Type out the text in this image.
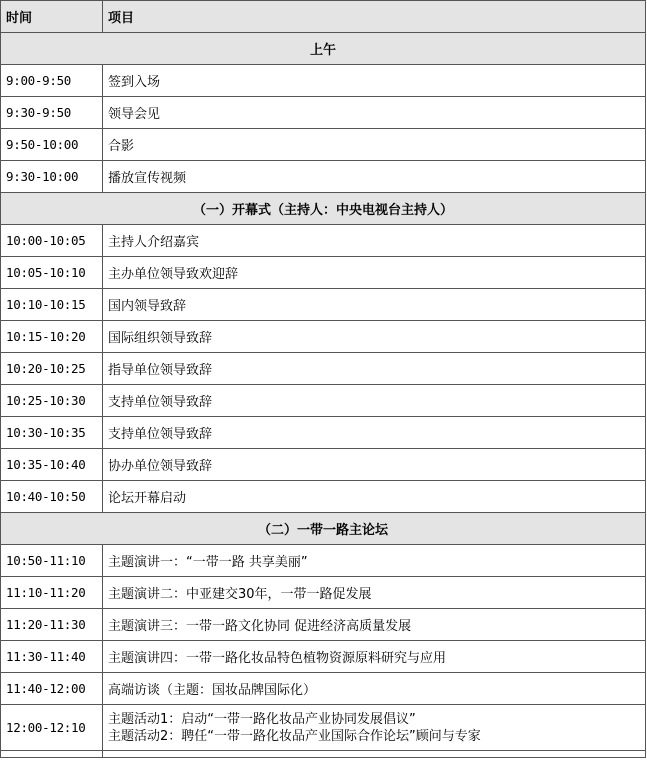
时间	项目
上午	
9:00-9:50	签到入场
9:30-9:50	领导会见
9:50-10:00	合影
9:30-10:00	播放宣传视频
（一）开幕式（主持人：中央电视台主持人）	
10:00-10:05	主持人介绍嘉宾
10:05-10:10	主办单位领导致欢迎辞
10:10-10:15	国内领导致辞
10:15-10:20	国际组织领导致辞
10:20-10:25	指导单位领导致辞
10:25-10:30	支持单位领导致辞
10:30-10:35	支持单位领导致辞
10:35-10:40	协办单位领导致辞
10:40-10:50	论坛开幕启动
（二）一带一路主论坛	
10:50-11:10	主题演讲一：“一带一路 共享美丽”
11:10-11:20	主题演讲二：中亚建交30年，一带一路促发展
11:20-11:30	主题演讲三：一带一路文化协同 促进经济高质量发展
11:30-11:40	主题演讲四：一带一路化妆品特色植物资源原料研究与应用
11:40-12:00	高端访谈（主题：国妆品牌国际化）
12:00-12:10	主题活动1：启动“一带一路化妆品产业协同发展倡议”
主题活动2：聘任“一带一路化妆品产业国际合作论坛”顾问与专家
